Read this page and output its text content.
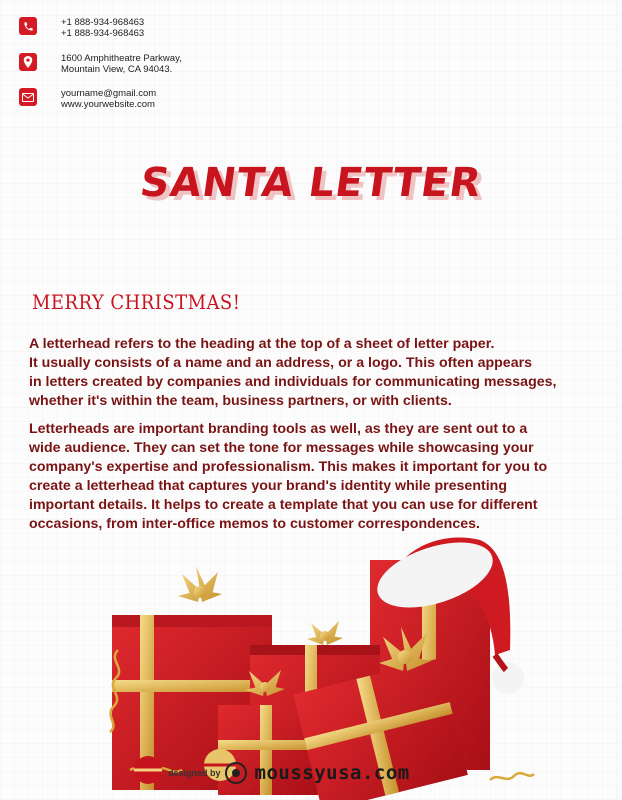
+1 888-934-968463
+1 888-934-968463
1600 Amphitheatre Parkway,
Mountain View, CA 94043.
yourname@gmail.com
www.yourwebsite.com
SANTA LETTER
MERRY CHRISTMAS!

A letterhead refers to the heading at the top of a sheet of letter paper.
It usually consists of a name and an address, or a logo. This often appears
in letters created by companies and individuals for communicating messages,
whether it's within the team, business partners, or with clients.

Letterheads are important branding tools as well, as they are sent out to a
wide audience. They can set the tone for messages while showcasing your
company's expertise and professionalism. This makes it important for you to
create a letterhead that captures your brand's identity while presenting
important details. It helps to create a template that you can use for different
occasions, from inter-office memos to customer correspondences.

designed by moussyusa.com
